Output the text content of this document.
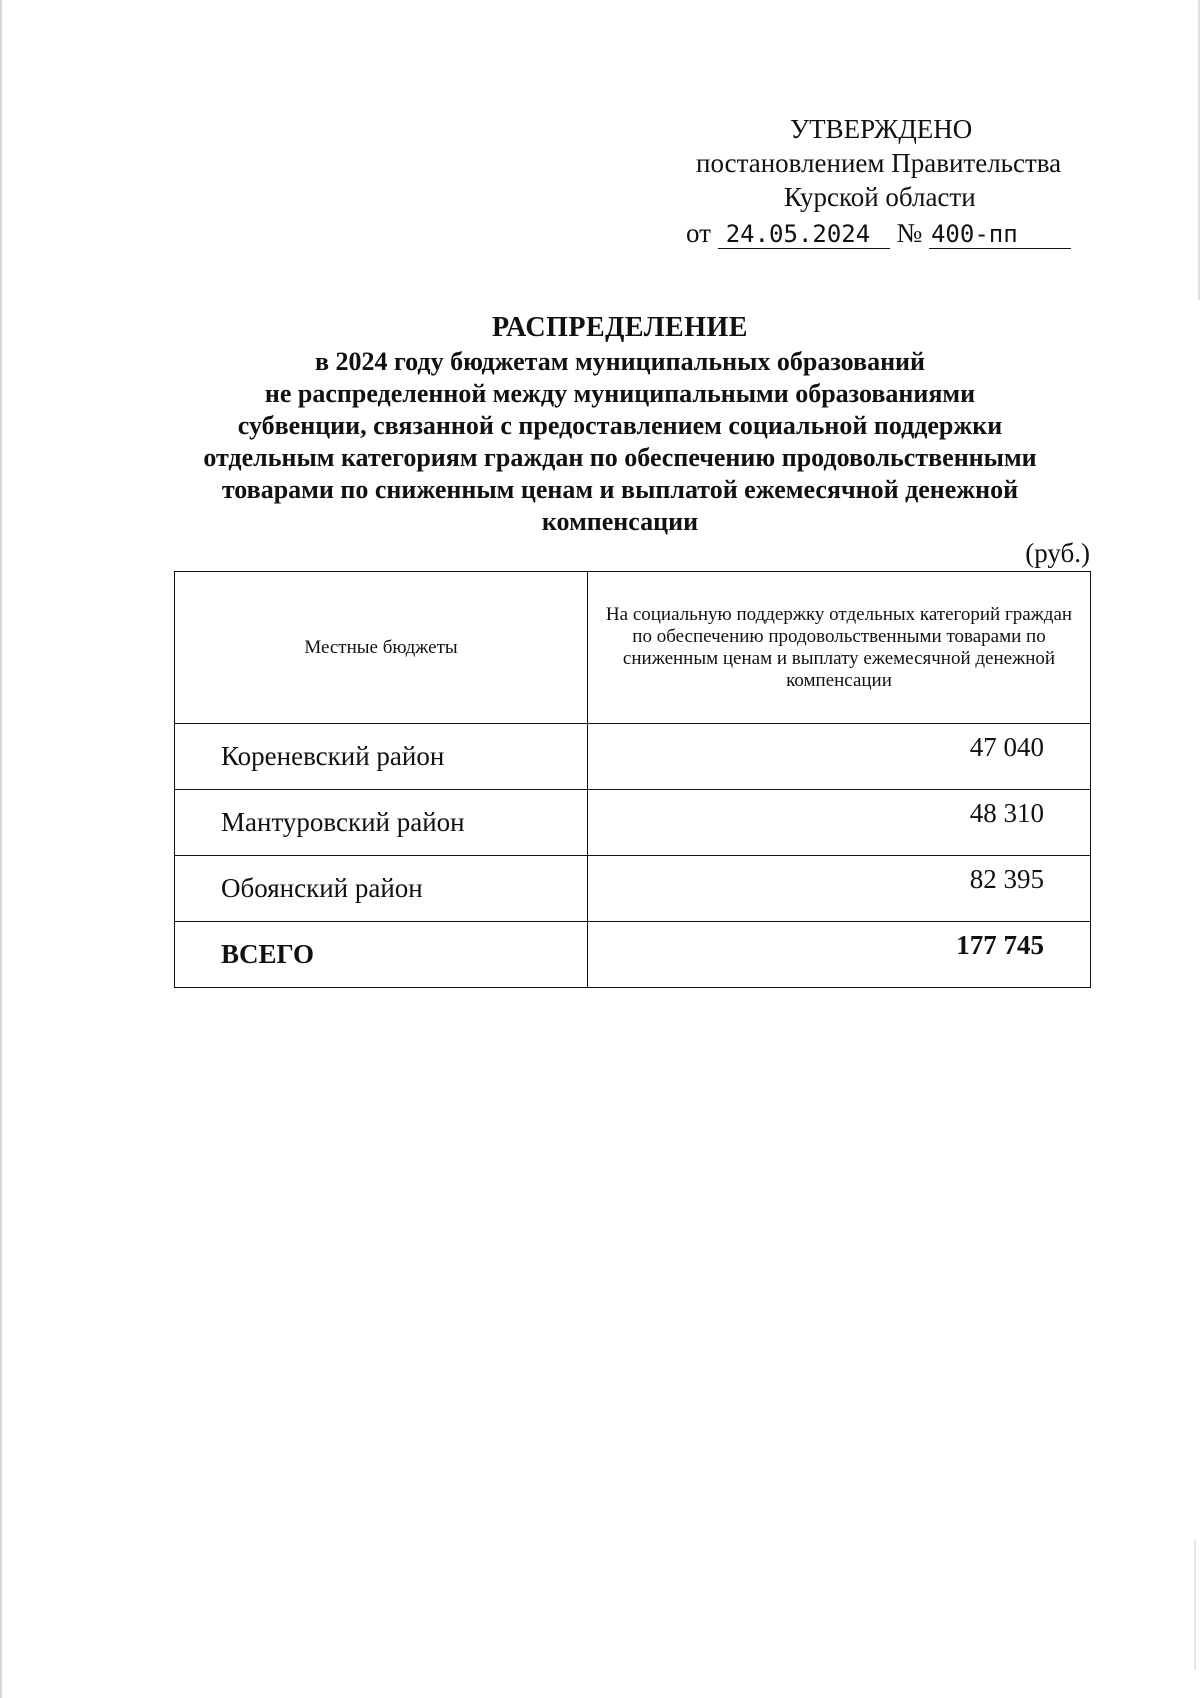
УТВЕРЖДЕНО
постановлением Правительства
Курской области
от 24.05.2024 № 400-пп
РАСПРЕДЕЛЕНИЕ
в 2024 году бюджетам муниципальных образований
не распределенной между муниципальными образованиями
субвенции, связанной с предоставлением социальной поддержки
отдельным категориям граждан по обеспечению продовольственными
товарами по сниженным ценам и выплатой ежемесячной денежной
компенсации
(руб.)
Местные бюджеты	На социальную поддержку отдельных категорий граждан по обеспечению продовольственными товарами по сниженным ценам и выплату ежемесячной денежной компенсации
Кореневский район	47 040
Мантуровский район	48 310
Обоянский район	82 395
ВСЕГО	177 745
